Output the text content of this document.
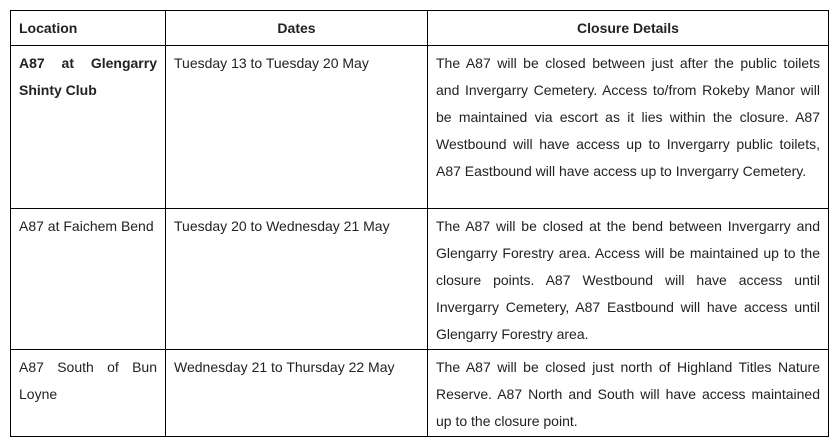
Location	Dates	Closure Details
A87 at Glengarry Shinty Club	Tuesday 13 to Tuesday 20 May	The A87 will be closed between just after the public toilets and Invergarry Cemetery. Access to/from Rokeby Manor will be maintained via escort as it lies within the closure. A87 Westbound will have access up to Invergarry public toilets, A87 Eastbound will have access up to Invergarry Cemetery.
A87 at Faichem Bend	Tuesday 20 to Wednesday 21 May	The A87 will be closed at the bend between Invergarry and Glengarry Forestry area. Access will be maintained up to the closure points. A87 Westbound will have access until Invergarry Cemetery, A87 Eastbound will have access until Glengarry Forestry area.
A87 South of Bun Loyne	Wednesday 21 to Thursday 22 May	The A87 will be closed just north of Highland Titles Nature Reserve. A87 North and South will have access maintained up to the closure point.
